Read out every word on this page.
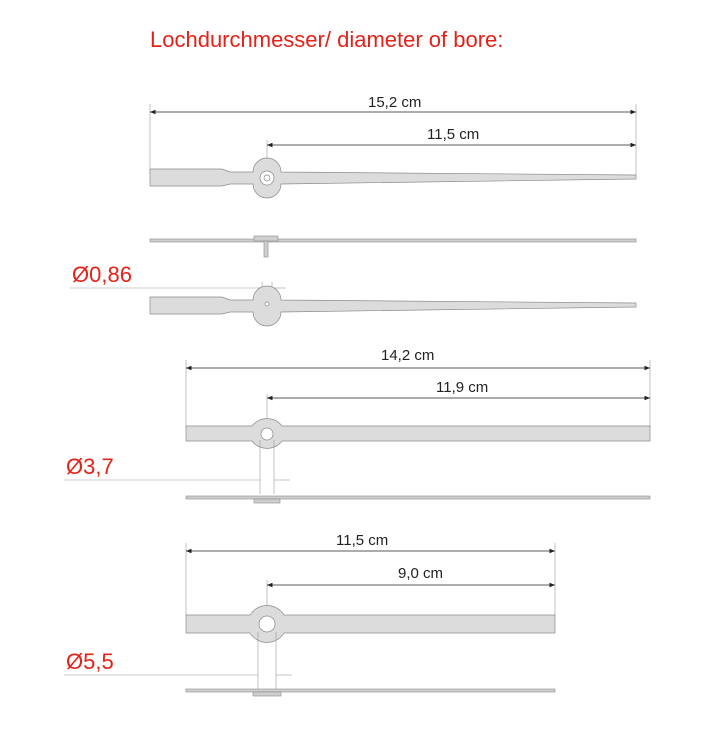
Lochdurchmesser/ diameter of bore:
15,2 cm
11,5 cm
Ø0,86
14,2 cm
11,9 cm
Ø3,7
11,5 cm
9,0 cm
Ø5,5
